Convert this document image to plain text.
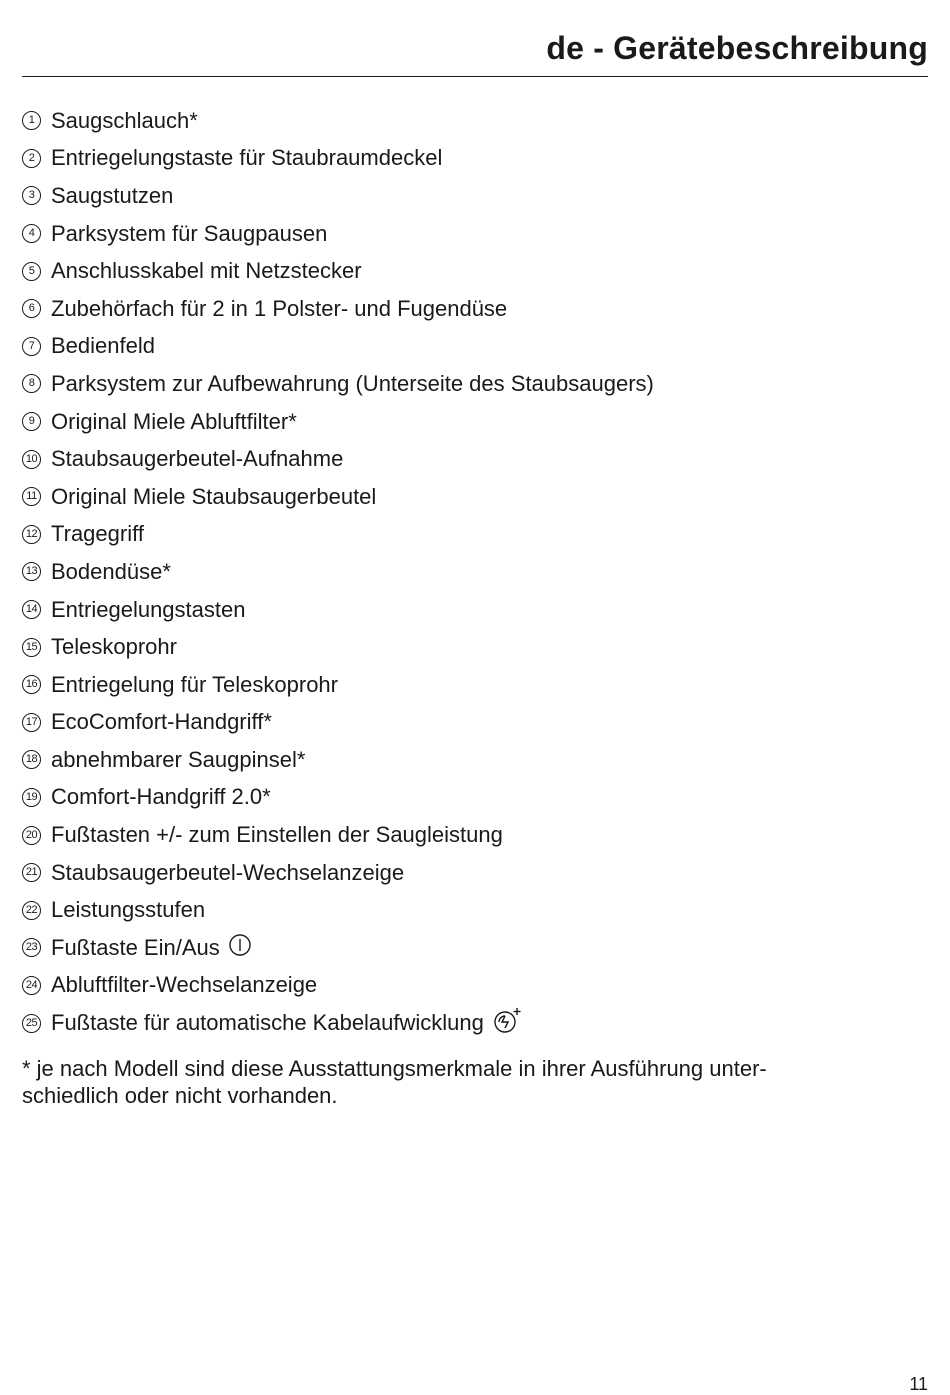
de - Gerätebeschreibung
1 Saugschlauch*
2 Entriegelungstaste für Staubraumdeckel
3 Saugstutzen
4 Parksystem für Saugpausen
5 Anschlusskabel mit Netzstecker
6 Zubehörfach für 2 in 1 Polster- und Fugendüse
7 Bedienfeld
8 Parksystem zur Aufbewahrung (Unterseite des Staubsaugers)
9 Original Miele Abluftfilter*
10 Staubsaugerbeutel-Aufnahme
11 Original Miele Staubsaugerbeutel
12 Tragegriff
13 Bodendüse*
14 Entriegelungstasten
15 Teleskoprohr
16 Entriegelung für Teleskoprohr
17 EcoComfort-Handgriff*
18 abnehmbarer Saugpinsel*
19 Comfort-Handgriff 2.0*
20 Fußtasten +/- zum Einstellen der Saugleistung
21 Staubsaugerbeutel-Wechselanzeige
22 Leistungsstufen
23 Fußtaste Ein/Aus
24 Abluftfilter-Wechselanzeige
25 Fußtaste für automatische Kabelaufwicklung

* je nach Modell sind diese Ausstattungsmerkmale in ihrer Ausführung unter-
schiedlich oder nicht vorhanden.

11
